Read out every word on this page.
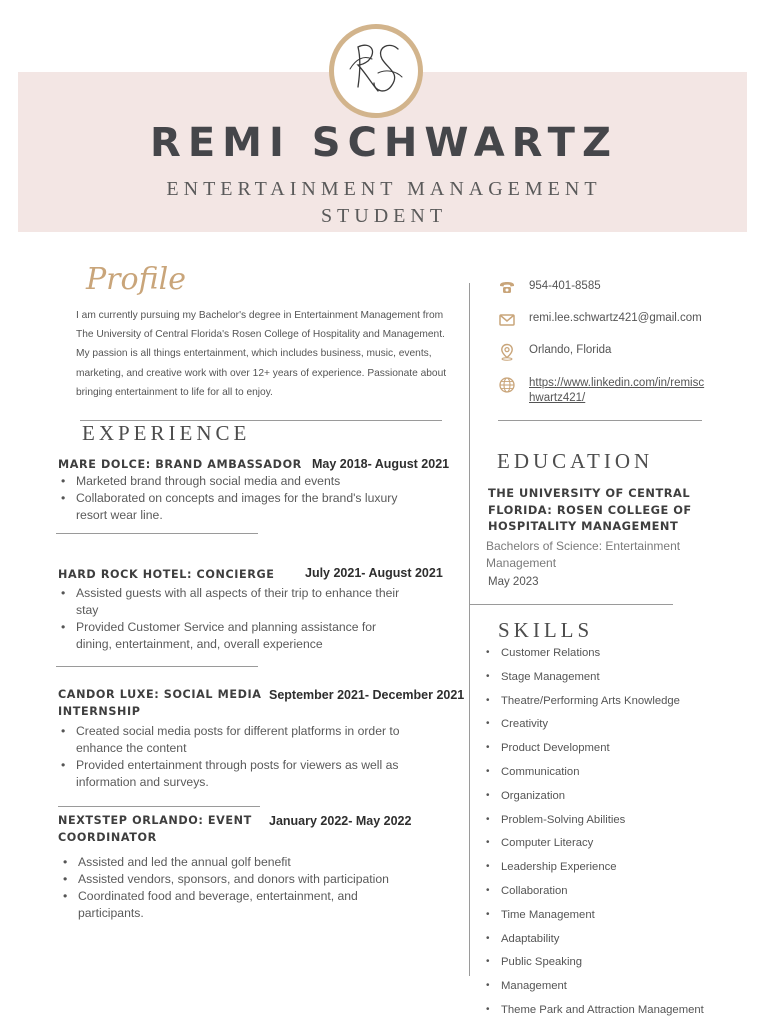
REMI SCHWARTZ
ENTERTAINMENT MANAGEMENT STUDENT
Profile
I am currently pursuing my Bachelor's degree in Entertainment Management from The University of Central Florida's Rosen College of Hospitality and Management. My passion is all things entertainment, which includes business, music, events, marketing, and creative work with over 12+ years of experience. Passionate about bringing entertainment to life for all to enjoy.
EXPERIENCE
MARE DOLCE: BRAND AMBASSADOR May 2018- August 2021
• Marketed brand through social media and events
• Collaborated on concepts and images for the brand's luxury resort wear line.
HARD ROCK HOTEL: CONCIERGE	July 2021- August 2021
• Assisted guests with all aspects of their trip to enhance their stay
• Provided Customer Service and planning assistance for dining, entertainment, and, overall experience
CANDOR LUXE: SOCIAL MEDIA INTERNSHIP
September 2021- December 2021
• Created social media posts for different platforms in order to enhance the content
• Provided entertainment through posts for viewers as well as information and surveys.
NEXTSTEP ORLANDO: EVENT COORDINATOR
January 2022- May 2022
• Assisted and led the annual golf benefit
• Assisted vendors, sponsors, and donors with participation
• Coordinated food and beverage, entertainment, and participants.
954-401-8585
remi.lee.schwartz421@gmail.com
Orlando, Florida
https://www.linkedin.com/in/remischwartz421/
EDUCATION
THE UNIVERSITY OF CENTRAL FLORIDA: ROSEN COLLEGE OF HOSPITALITY MANAGEMENT
Bachelors of Science: Entertainment Management
May 2023
SKILLS
• Customer Relations
• Stage Management
• Theatre/Performing Arts Knowledge
• Creativity
• Product Development
• Communication
• Organization
• Problem-Solving Abilities
• Computer Literacy
• Leadership Experience
• Collaboration
• Time Management
• Adaptability
• Public Speaking
• Management
• Theme Park and Attraction Management
